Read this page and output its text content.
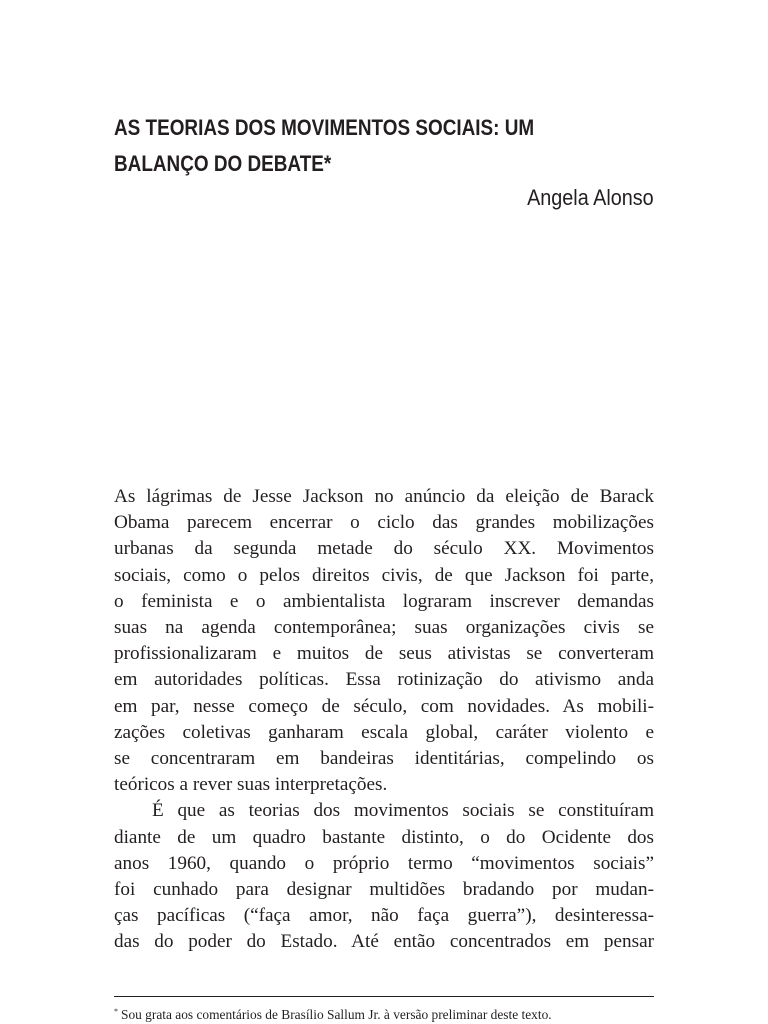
AS TEORIAS DOS MOVIMENTOS SOCIAIS: UM
BALANÇO DO DEBATE*
Angela Alonso
As lágrimas de Jesse Jackson no anúncio da eleição de Barack
Obama parecem encerrar o ciclo das grandes mobilizações
urbanas da segunda metade do século XX. Movimentos
sociais, como o pelos direitos civis, de que Jackson foi parte,
o feminista e o ambientalista lograram inscrever demandas
suas na agenda contemporânea; suas organizações civis se
profissionalizaram e muitos de seus ativistas se converteram
em autoridades políticas. Essa rotinização do ativismo anda
em par, nesse começo de século, com novidades. As mobili-
zações coletivas ganharam escala global, caráter violento e
se concentraram em bandeiras identitárias, compelindo os
teóricos a rever suas interpretações.
É que as teorias dos movimentos sociais se constituíram
diante de um quadro bastante distinto, o do Ocidente dos
anos 1960, quando o próprio termo “movimentos sociais”
foi cunhado para designar multidões bradando por mudan-
ças pacíficas (“faça amor, não faça guerra”), desinteressa-
das do poder do Estado. Até então concentrados em pensar
* Sou grata aos comentários de Brasílio Sallum Jr. à versão preliminar deste texto.
